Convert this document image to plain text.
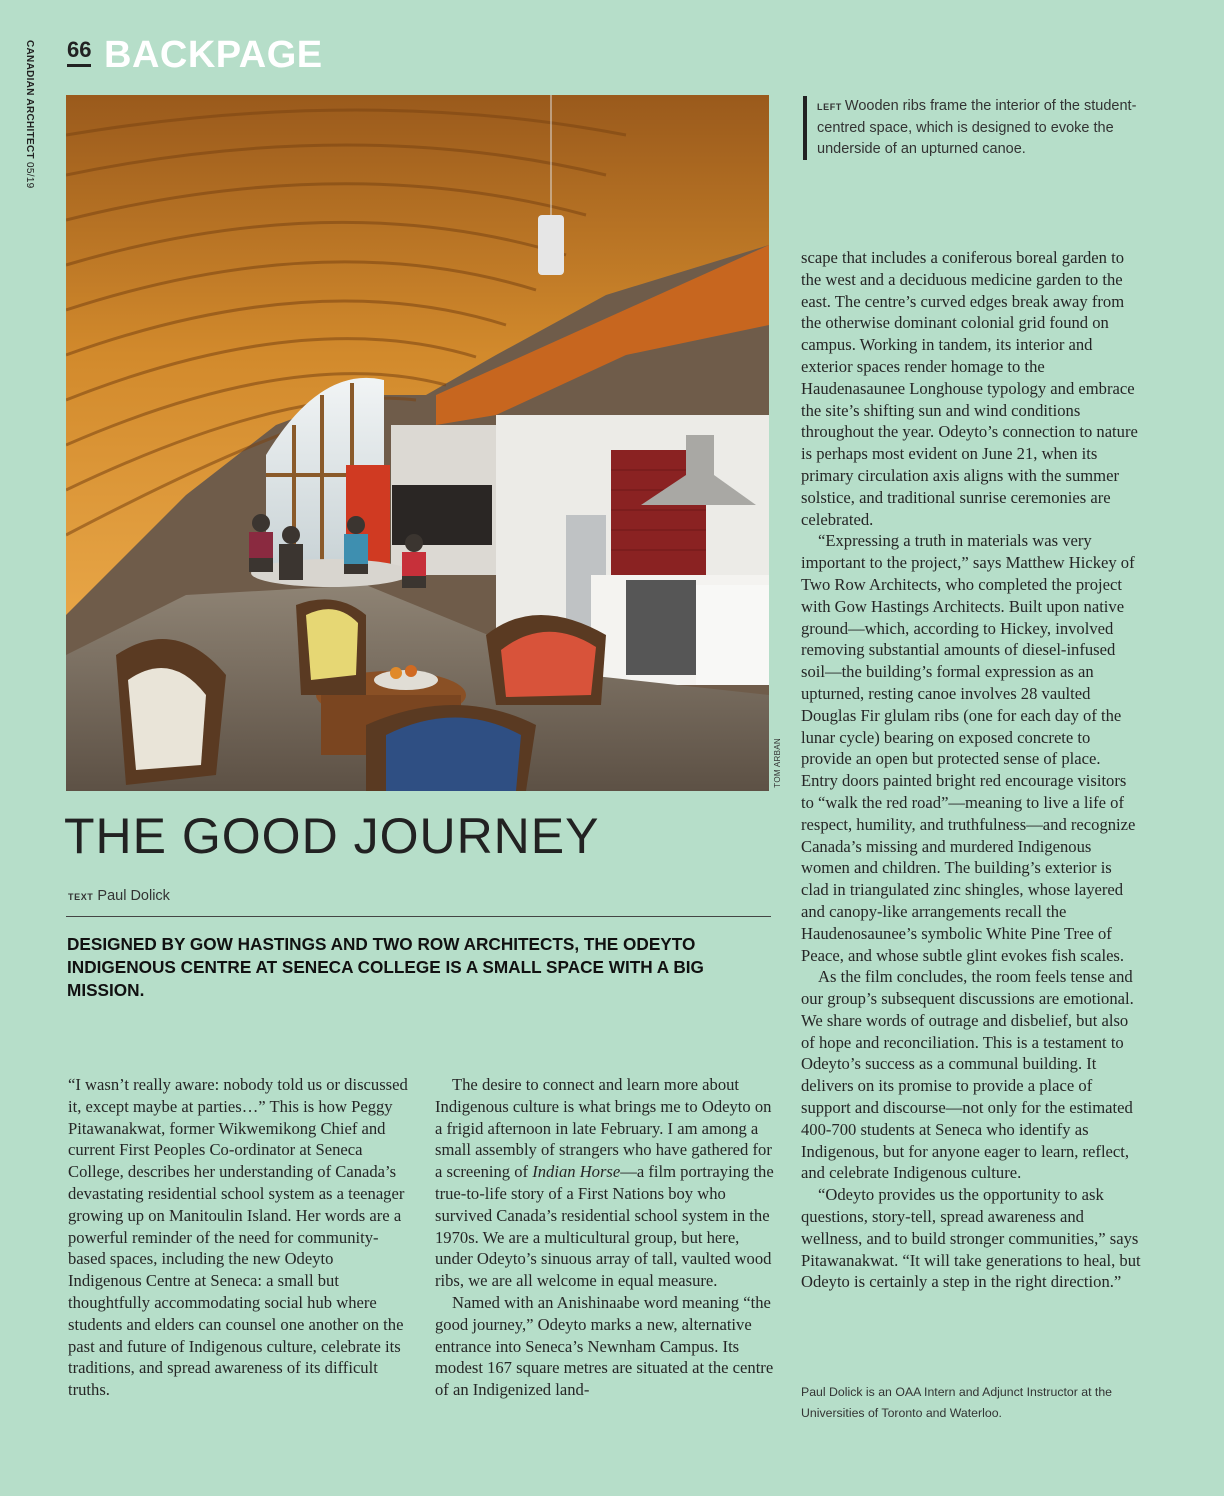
CANADIAN ARCHITECT 05/19
66 BACKPAGE
TOM ARBAN
LEFT Wooden ribs frame the interior of the student-centred space, which is designed to evoke the underside of an upturned canoe.
THE GOOD JOURNEY
TEXT Paul Dolick
DESIGNED BY GOW HASTINGS AND TWO ROW ARCHITECTS, THE ODEYTO INDIGENOUS CENTRE AT SENECA COLLEGE IS A SMALL SPACE WITH A BIG MISSION.

“I wasn’t really aware: nobody told us or discussed it, except maybe at parties…” This is how Peggy Pitawanakwat, former Wikwemikong Chief and current First Peoples Co-ordinator at Seneca College, describes her understanding of Canada’s devastating residential school system as a teenager growing up on Manitoulin Island. Her words are a powerful reminder of the need for community-based spaces, including the new Odeyto Indigenous Centre at Seneca: a small but thoughtfully accommodating social hub where students and elders can counsel one another on the past and future of Indigenous culture, celebrate its traditions, and spread awareness of its difficult truths.

The desire to connect and learn more about Indigenous culture is what brings me to Odeyto on a frigid afternoon in late February. I am among a small assembly of strangers who have gathered for a screening of Indian Horse—a film portraying the true-to-life story of a First Nations boy who survived Canada’s residential school system in the 1970s. We are a multicultural group, but here, under Odeyto’s sinuous array of tall, vaulted wood ribs, we are all welcome in equal measure.

Named with an Anishinaabe word meaning “the good journey,” Odeyto marks a new, alternative entrance into Seneca’s Newnham Campus. Its modest 167 square metres are situated at the centre of an Indigenized land-

scape that includes a coniferous boreal garden to the west and a deciduous medicine garden to the east. The centre’s curved edges break away from the otherwise dominant colonial grid found on campus. Working in tandem, its interior and exterior spaces render homage to the Haudenasaunee Longhouse typology and embrace the site’s shifting sun and wind conditions throughout the year. Odeyto’s connection to nature is perhaps most evident on June 21, when its primary circulation axis aligns with the summer solstice, and traditional sunrise ceremonies are celebrated.

“Expressing a truth in materials was very important to the project,” says Matthew Hickey of Two Row Architects, who completed the project with Gow Hastings Architects. Built upon native ground—which, according to Hickey, involved removing substantial amounts of diesel-infused soil—the building’s formal expression as an upturned, resting canoe involves 28 vaulted Douglas Fir glulam ribs (one for each day of the lunar cycle) bearing on exposed concrete to provide an open but protected sense of place. Entry doors painted bright red encourage visitors to “walk the red road”—meaning to live a life of respect, humility, and truthfulness—and recognize Canada’s missing and murdered Indigenous women and children. The building’s exterior is clad in triangulated zinc shingles, whose layered and canopy-like arrangements recall the Haudenosaunee’s symbolic White Pine Tree of Peace, and whose subtle glint evokes fish scales.

As the film concludes, the room feels tense and our group’s subsequent discussions are emotional. We share words of outrage and disbelief, but also of hope and reconciliation. This is a testament to Odeyto’s success as a communal building. It delivers on its promise to provide a place of support and discourse—not only for the estimated 400-700 students at Seneca who identify as Indigenous, but for anyone eager to learn, reflect, and celebrate Indigenous culture.

“Odeyto provides us the opportunity to ask questions, story-tell, spread awareness and wellness, and to build stronger communities,” says Pitawanakwat. “It will take generations to heal, but Odeyto is certainly a step in the right direction.”

Paul Dolick is an OAA Intern and Adjunct Instructor at the Universities of Toronto and Waterloo.
